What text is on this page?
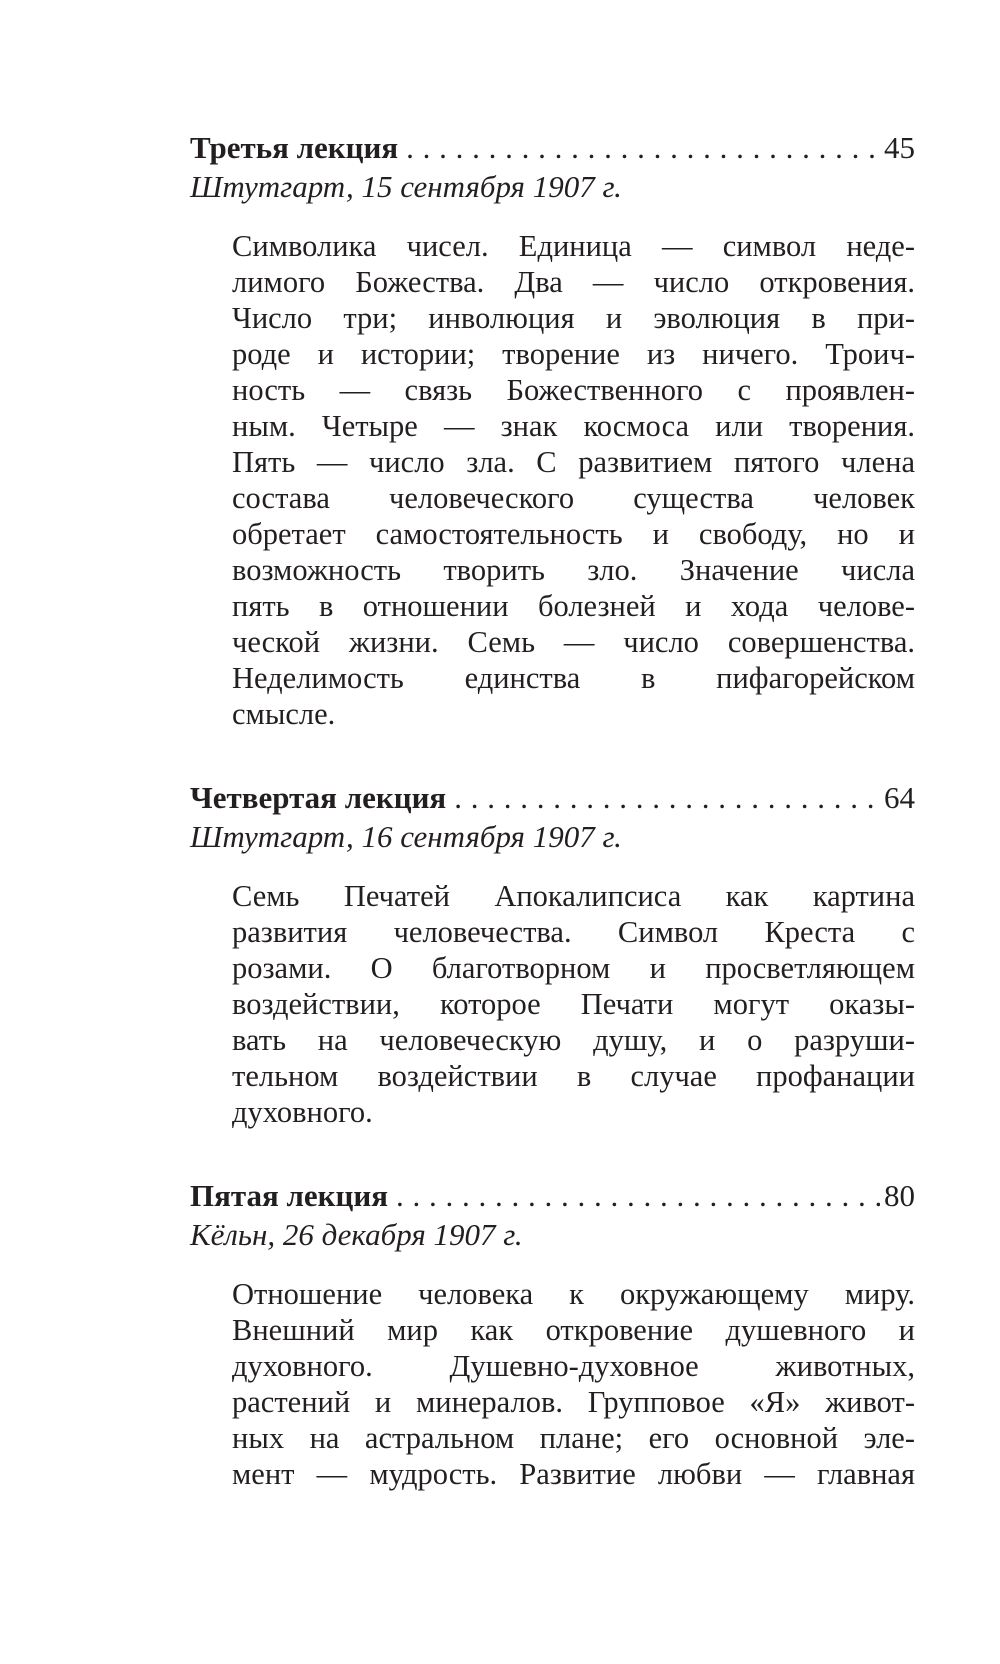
Третья лекция . . .	45
Штутгарт, 15 сентября 1907 г.
Символика чисел. Единица — символ неде-
лимого Божества. Два — число откровения.
Число три; инволюция и эволюция в при-
роде и истории; творение из ничего. Троич-
ность — связь Божественного с проявлен-
ным. Четыре — знак космоса или творения.
Пять — число зла. С развитием пятого члена
состава человеческого существа человек
обретает самостоятельность и свободу, но и
возможность творить зло. Значение числа
пять в отношении болезней и хода челове-
ческой жизни. Семь — число совершенства.
Неделимость единства в пифагорейском
смысле.
Четвертая лекция . . .	64
Штутгарт, 16 сентября 1907 г.
Семь Печатей Апокалипсиса как картина
развития человечества. Символ Креста с
розами. О благотворном и просветляющем
воздействии, которое Печати могут оказы-
вать на человеческую душу, и о разруши-
тельном воздействии в случае профанации
духовного.
Пятая лекция . . .	80
Кёльн, 26 декабря 1907 г.
Отношение человека к окружающему миру.
Внешний мир как откровение душевного и
духовного. Душевно-духовное животных,
растений и минералов. Групповое «Я» живот-
ных на астральном плане; его основной эле-
мент — мудрость. Развитие любви — главная
